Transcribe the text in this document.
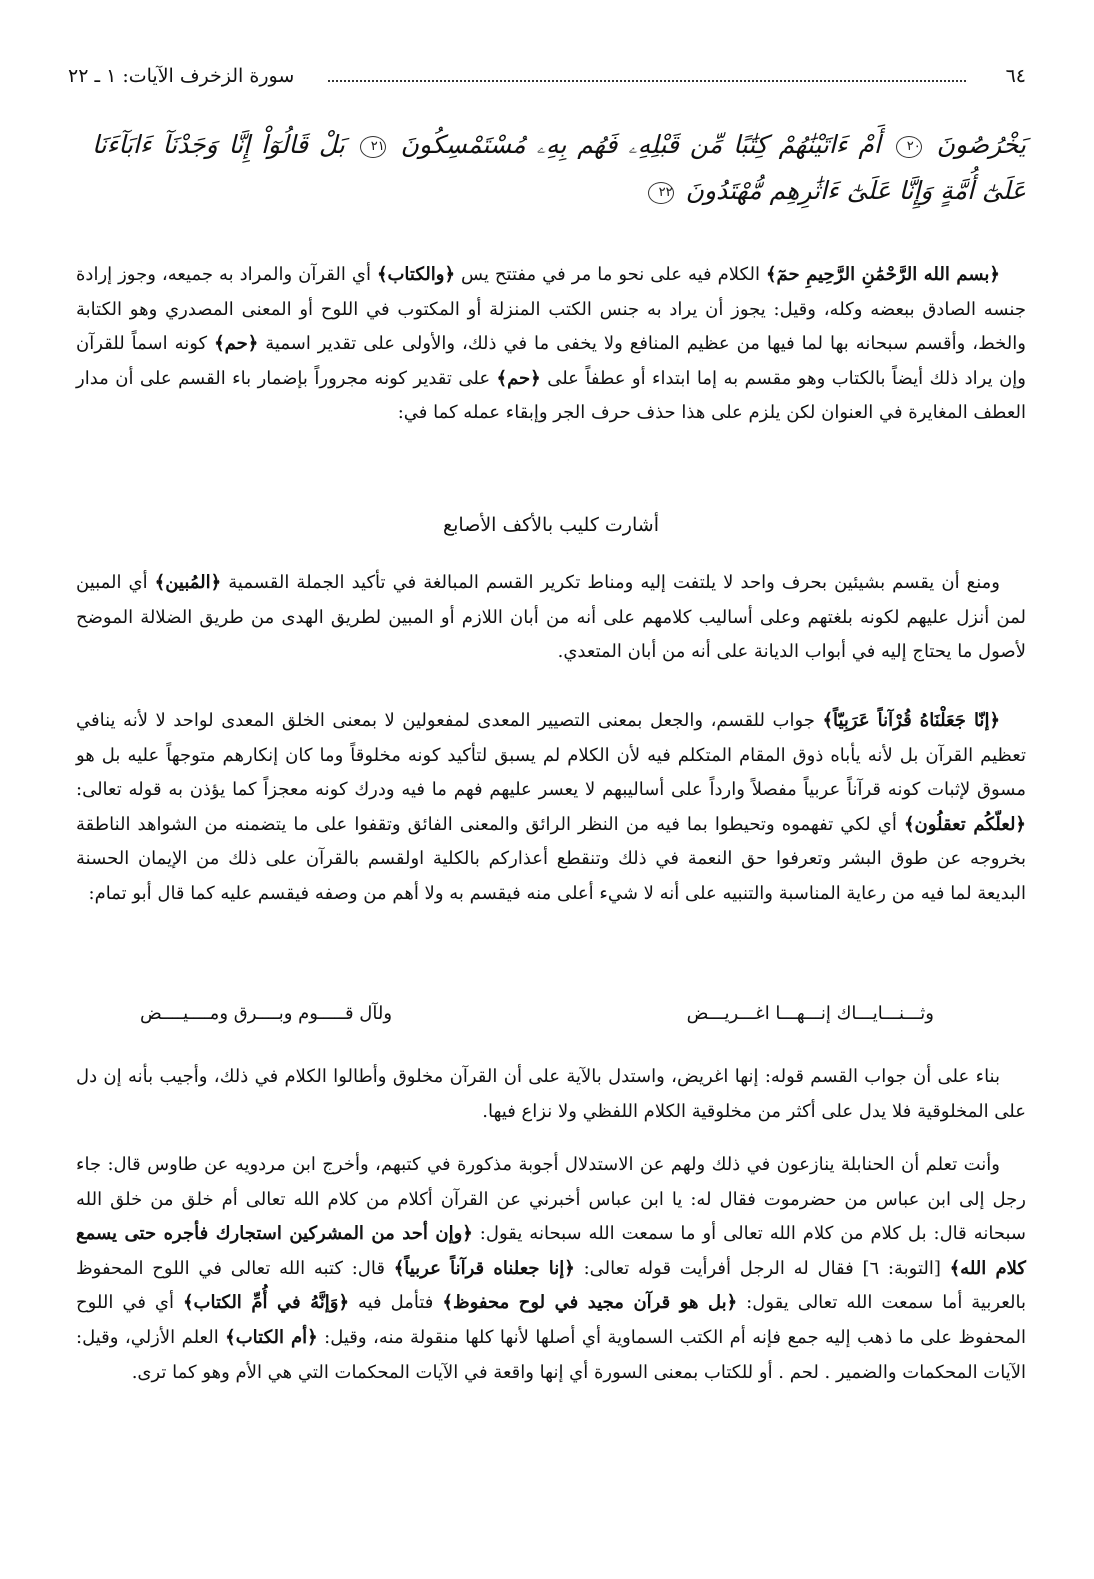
٦٤
سورة الزخرف الآيات: ١ ـ ٢٢
يَخْرُصُونَ ٢٠ أَمْ ءَاتَيْنَٰهُمْ كِتَٰبًا مِّن قَبْلِهِۦ فَهُم بِهِۦ مُسْتَمْسِكُونَ ٢١ بَلْ قَالُوٓاْ إِنَّا وَجَدْنَآ ءَابَآءَنَا عَلَىٰٓ أُمَّةٍ وَإِنَّا عَلَىٰٓ ءَاثَٰرِهِم مُّهْتَدُونَ ٢٢

﴿بسم الله الرَّحْمَٰنِ الرَّحِيمِ حمٓ﴾ الكلام فيه على نحو ما مر في مفتتح يس ﴿والكتاب﴾ أي القرآن والمراد به جميعه، وجوز إرادة جنسه الصادق ببعضه وكله، وقيل: يجوز أن يراد به جنس الكتب المنزلة أو المكتوب في اللوح أو المعنى المصدري وهو الكتابة والخط، وأقسم سبحانه بها لما فيها من عظيم المنافع ولا يخفى ما في ذلك، والأولى على تقدير اسمية ﴿حم﴾ كونه اسماً للقرآن وإن يراد ذلك أيضاً بالكتاب وهو مقسم به إما ابتداء أو عطفاً على ﴿حم﴾ على تقدير كونه مجروراً بإضمار باء القسم على أن مدار العطف المغايرة في العنوان لكن يلزم على هذا حذف حرف الجر وإبقاء عمله كما في:

أشارت كليب بالأكف الأصابع

ومنع أن يقسم بشيئين بحرف واحد لا يلتفت إليه ومناط تكرير القسم المبالغة في تأكيد الجملة القسمية ﴿المُبين﴾ أي المبين لمن أنزل عليهم لكونه بلغتهم وعلى أساليب كلامهم على أنه من أبان اللازم أو المبين لطريق الهدى من طريق الضلالة الموضح لأصول ما يحتاج إليه في أبواب الديانة على أنه من أبان المتعدي.

﴿إنّا جَعَلْنَاهُ قُرْآناً عَرَبِيّاً﴾ جواب للقسم، والجعل بمعنى التصيير المعدى لمفعولين لا بمعنى الخلق المعدى لواحد لا لأنه ينافي تعظيم القرآن بل لأنه يأباه ذوق المقام المتكلم فيه لأن الكلام لم يسبق لتأكيد كونه مخلوقاً وما كان إنكارهم متوجهاً عليه بل هو مسوق لإثبات كونه قرآناً عربياً مفصلاً وارداً على أساليبهم لا يعسر عليهم فهم ما فيه ودرك كونه معجزاً كما يؤذن به قوله تعالى: ﴿لعلّكُم تعقلُون﴾ أي لكي تفهموه وتحيطوا بما فيه من النظر الرائق والمعنى الفائق وتقفوا على ما يتضمنه من الشواهد الناطقة بخروجه عن طوق البشر وتعرفوا حق النعمة في ذلك وتنقطع أعذاركم بالكلية اولقسم بالقرآن على ذلك من الإيمان الحسنة البديعة لما فيه من رعاية المناسبة والتنبيه على أنه لا شيء أعلى منه فيقسم به ولا أهم من وصفه فيقسم عليه كما قال أبو تمام:

وثـــنـــايـــاك إنـــهـــا اغـــريـــض
ولآل قـــــوم وبــــرق ومــــيــــض

بناء على أن جواب القسم قوله: إنها اغريض، واستدل بالآية على أن القرآن مخلوق وأطالوا الكلام في ذلك، وأجيب بأنه إن دل على المخلوقية فلا يدل على أكثر من مخلوقية الكلام اللفظي ولا نزاع فيها.

وأنت تعلم أن الحنابلة ينازعون في ذلك ولهم عن الاستدلال أجوبة مذكورة في كتبهم، وأخرج ابن مردويه عن طاوس قال: جاء رجل إلى ابن عباس من حضرموت فقال له: يا ابن عباس أخبرني عن القرآن أكلام من كلام الله تعالى أم خلق من خلق الله سبحانه قال: بل كلام من كلام الله تعالى أو ما سمعت الله سبحانه يقول: ﴿وإن أحد من المشركين استجارك فأجره حتى يسمع كلام الله﴾ [التوبة: ٦] فقال له الرجل أفرأيت قوله تعالى: ﴿إنا جعلناه قرآناً عربياً﴾ قال: كتبه الله تعالى في اللوح المحفوظ بالعربية أما سمعت الله تعالى يقول: ﴿بل هو قرآن مجيد في لوح محفوظ﴾ فتأمل فيه ﴿وَإنَّهُ في أُمِّ الكتاب﴾ أي في اللوح المحفوظ على ما ذهب إليه جمع فإنه أم الكتب السماوية أي أصلها لأنها كلها منقولة منه، وقيل: ﴿أم الكتاب﴾ العلم الأزلي، وقيل: الآيات المحكمات والضمير . لحم . أو للكتاب بمعنى السورة أي إنها واقعة في الآيات المحكمات التي هي الأم وهو كما ترى.
